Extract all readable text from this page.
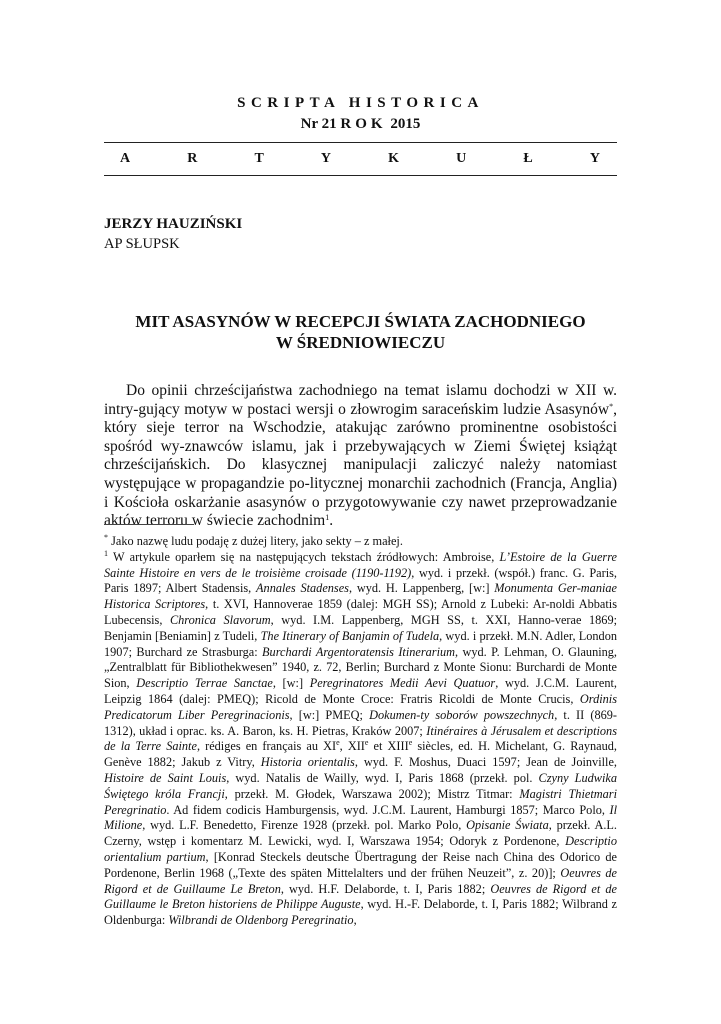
SCRIPTA HISTORICA
Nr 21 ROK 2015
A	R	T	Y	K	U	Ł	Y
JERZY HAUZIŃSKI
AP SŁUPSK
MIT ASASYNÓW W RECEPCJI ŚWIATA ZACHODNIEGO
W ŚREDNIOWIECZU

Do opinii chrześcijaństwa zachodniego na temat islamu dochodzi w XII w. intry-gujący motyw w postaci wersji o złowrogim saraceńskim ludzie Asasynów*, który sieje terror na Wschodzie, atakując zarówno prominentne osobistości spośród wy-znawców islamu, jak i przebywających w Ziemi Świętej książąt chrześcijańskich. Do klasycznej manipulacji zaliczyć należy natomiast występujące w propagandzie po-litycznej monarchii zachodnich (Francja, Anglia) i Kościoła oskarżanie asasynów o przygotowywanie czy nawet przeprowadzanie aktów terroru w świecie zachodnim$^1$.

* Jako nazwę ludu podaję z dużej litery, jako sekty – z małej.

$^1$ W artykule oparłem się na następujących tekstach źródłowych: Ambroise, L’Estoire de la Guerre Sainte Histoire en vers de le troisième croisade (1190-1192), wyd. i przekł. (współ.) franc. G. Paris, Paris 1897; Albert Stadensis, Annales Stadenses, wyd. H. Lappenberg, [w:] Monumenta Ger-maniae Historica Scriptores, t. XVI, Hannoverae 1859 (dalej: MGH SS); Arnold z Lubeki: Ar-noldi Abbatis Lubecensis, Chronica Slavorum, wyd. I.M. Lappenberg, MGH SS, t. XXI, Hanno-verae 1869; Benjamin [Beniamin] z Tudeli, The Itinerary of Banjamin of Tudela, wyd. i przekł. M.N. Adler, London 1907; Burchard ze Strasburga: Burchardi Argentoratensis Itinerarium, wyd. P. Lehman, O. Glauning, „Zentralblatt für Bibliothekwesen” 1940, z. 72, Berlin; Burchard z Monte Sionu: Burchardi de Monte Sion, Descriptio Terrae Sanctae, [w:] Peregrinatores Medii Aevi Quatuor, wyd. J.C.M. Laurent, Leipzig 1864 (dalej: PMEQ); Ricold de Monte Croce: Fratris Ricoldi de Monte Crucis, Ordinis Predicatorum Liber Peregrinacionis, [w:] PMEQ; Dokumen-ty soborów powszechnych, t. II (869-1312), układ i oprac. ks. A. Baron, ks. H. Pietras, Kraków 2007; Itinéraires à Jérusalem et descriptions de la Terre Sainte, rédiges en français au XIe, XIIe et XIIIe siècles, ed. H. Michelant, G. Raynaud, Genève 1882; Jakub z Vitry, Historia orientalis, wyd. F. Moshus, Duaci 1597; Jean de Joinville, Histoire de Saint Louis, wyd. Natalis de Wailly, wyd. I, Paris 1868 (przekł. pol. Czyny Ludwika Świętego króla Francji, przekł. M. Głodek, Warszawa 2002); Mistrz Titmar: Magistri Thietmari Peregrinatio. Ad fidem codicis Hamburgensis, wyd. J.C.M. Laurent, Hamburgi 1857; Marco Polo, Il Milione, wyd. L.F. Benedetto, Firenze 1928 (przekł. pol. Marko Polo, Opisanie Świata, przekł. A.L. Czerny, wstęp i komentarz M. Lewicki, wyd. I, Warszawa 1954; Odoryk z Pordenone, Descriptio orientalium partium, [Konrad Steckels deutsche Übertragung der Reise nach China des Odorico de Pordenone, Berlin 1968 („Texte des späten Mittelalters und der frühen Neuzeit”, z. 20)]; Oeuvres de Rigord et de Guillaume Le Breton, wyd. H.F. Delaborde, t. I, Paris 1882; Oeuvres de Rigord et de Guillaume le Breton historiens de Philippe Auguste, wyd. H.-F. Delaborde, t. I, Paris 1882; Wilbrand z Oldenburga: Wilbrandi de Oldenborg Peregrinatio,
